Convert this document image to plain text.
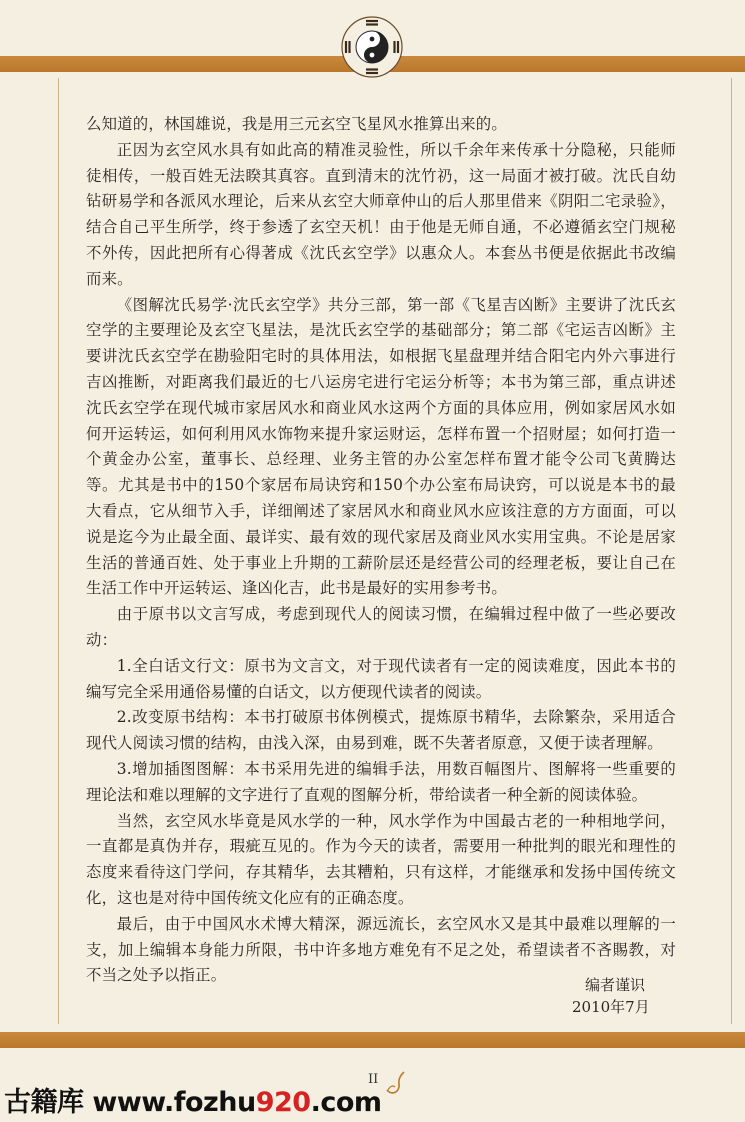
么知道的，林国雄说，我是用三元玄空飞星风水推算出来的。

正因为玄空风水具有如此高的精准灵验性，所以千余年来传承十分隐秘，只能师徒相传，一般百姓无法睽其真容。直到清末的沈竹礽，这一局面才被打破。沈氏自幼钻研易学和各派风水理论，后来从玄空大师章仲山的后人那里借来《阴阳二宅录验》，结合自己平生所学，终于参透了玄空天机！由于他是无师自通，不必遵循玄空门规秘不外传，因此把所有心得著成《沈氏玄空学》以惠众人。本套丛书便是依据此书改编而来。

《图解沈氏易学·沈氏玄空学》共分三部，第一部《飞星吉凶断》主要讲了沈氏玄空学的主要理论及玄空飞星法，是沈氏玄空学的基础部分；第二部《宅运吉凶断》主要讲沈氏玄空学在勘验阳宅时的具体用法，如根据飞星盘理并结合阳宅内外六事进行吉凶推断，对距离我们最近的七八运房宅进行宅运分析等；本书为第三部，重点讲述沈氏玄空学在现代城市家居风水和商业风水这两个方面的具体应用，例如家居风水如何开运转运，如何利用风水饰物来提升家运财运，怎样布置一个招财屋；如何打造一个黄金办公室，董事长、总经理、业务主管的办公室怎样布置才能令公司飞黄腾达等。尤其是书中的150个家居布局诀窍和150个办公室布局诀窍，可以说是本书的最大看点，它从细节入手，详细阐述了家居风水和商业风水应该注意的方方面面，可以说是迄今为止最全面、最详实、最有效的现代家居及商业风水实用宝典。不论是居家生活的普通百姓、处于事业上升期的工薪阶层还是经营公司的经理老板，要让自己在生活工作中开运转运、逢凶化吉，此书是最好的实用参考书。

由于原书以文言写成，考虑到现代人的阅读习惯，在编辑过程中做了一些必要改动：

1.全白话文行文：原书为文言文，对于现代读者有一定的阅读难度，因此本书的编写完全采用通俗易懂的白话文，以方便现代读者的阅读。

2.改变原书结构：本书打破原书体例模式，提炼原书精华，去除繁杂，采用适合现代人阅读习惯的结构，由浅入深，由易到难，既不失著者原意，又便于读者理解。

3.增加插图图解：本书采用先进的编辑手法，用数百幅图片、图解将一些重要的理论法和难以理解的文字进行了直观的图解分析，带给读者一种全新的阅读体验。

当然，玄空风水毕竟是风水学的一种，风水学作为中国最古老的一种相地学问，一直都是真伪并存，瑕疵互见的。作为今天的读者，需要用一种批判的眼光和理性的态度来看待这门学问，存其精华，去其糟粕，只有这样，才能继承和发扬中国传统文化，这也是对待中国传统文化应有的正确态度。

最后，由于中国风水术博大精深，源远流长，玄空风水又是其中最难以理解的一支，加上编辑本身能力所限，书中许多地方难免有不足之处，希望读者不吝賜教，对不当之处予以指正。

编者谨识
2010年7月
II
古籍库 www.fozhu920.com
